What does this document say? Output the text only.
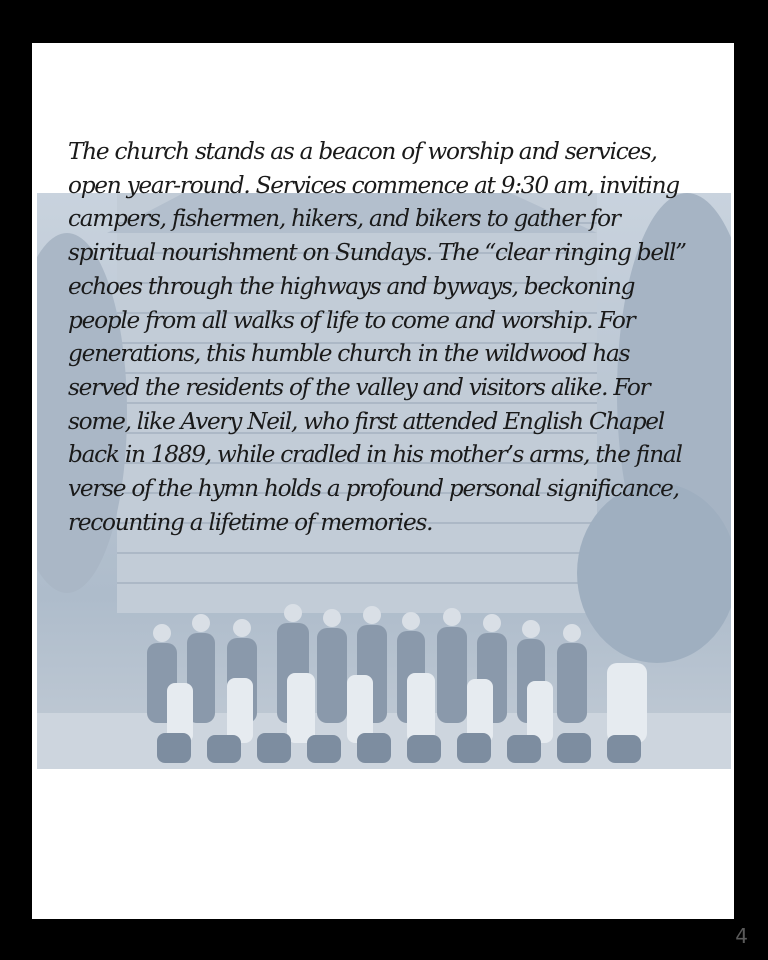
The church stands as a beacon of worship and services,
open year-round. Services commence at 9:30 am, inviting
campers, fishermen, hikers, and bikers to gather for
spiritual nourishment on Sundays. The “clear ringing bell”
echoes through the highways and byways, beckoning
people from all walks of life to come and worship. For
generations, this humble church in the wildwood has
served the residents of the valley and visitors alike. For
some, like Avery Neil, who first attended English Chapel
back in 1889, while cradled in his mother’s arms, the final
verse of the hymn holds a profound personal significance,
recounting a lifetime of memories.

4
